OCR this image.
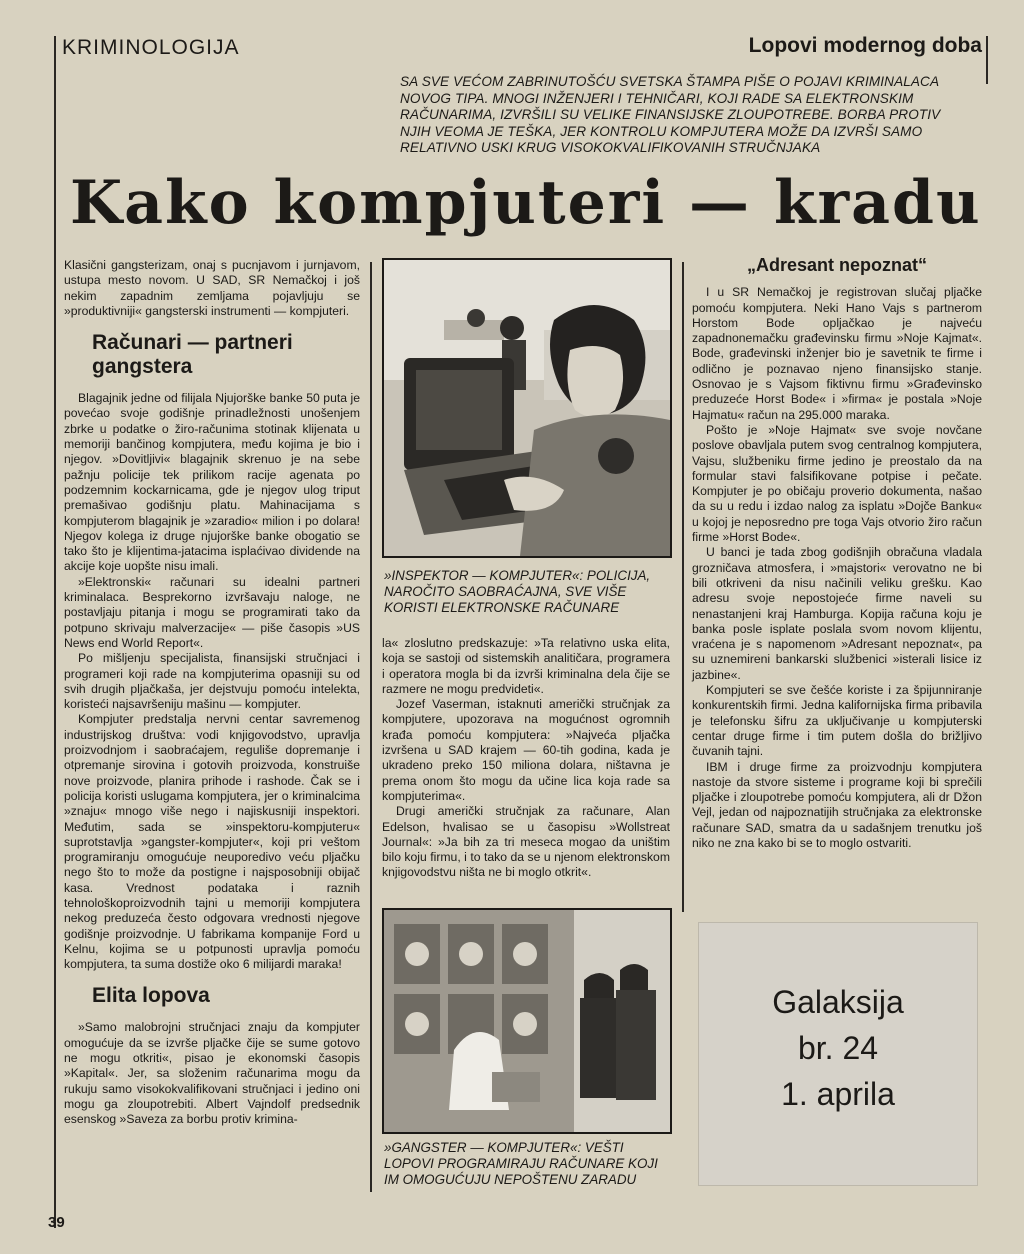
KRIMINOLOGIJA	Lopovi modernog doba
SA SVE VEĆOM ZABRINUTOŠĆU SVETSKA ŠTAMPA PIŠE O POJAVI KRIMINALACA NOVOG TIPA. MNOGI INŽENJERI I TEHNIČARI, KOJI RADE SA ELEKTRONSKIM RAČUNARIMA, IZVRŠILI SU VELIKE FINANSIJSKE ZLOUPOTREBE. BORBA PROTIV NJIH VEOMA JE TEŠKA, JER KONTROLU KOMPJUTERA MOŽE DA IZVRŠI SAMO RELATIVNO USKI KRUG VISOKOKVALIFIKOVANIH STRUČNJAKA
Kako kompjuteri — kradu

Klasični gangsterizam, onaj s pucnjavom i jurnjavom, ustupa mesto novom. U SAD, SR Nemačkoj i još nekim zapadnim zemljama pojavljuju se »produktivniji« gangsterski instrumenti — kompjuteri.

Računari — partneri gangstera

Blagajnik jedne od filijala Njujorške banke 50 puta je povećao svoje godišnje prinadležnosti unošenjem zbrke u podatke o žiro-računima stotinak klijenata u memoriji bančinog kompjutera, među kojima je bio i njegov. »Dovitljivi« blagajnik skrenuo je na sebe pažnju policije tek prilikom racije agenata po podzemnim kockarnicama, gde je njegov ulog triput premašivao godišnju platu. Mahinacijama s kompjuterom blagajnik je »zaradio« milion i po dolara! Njegov kolega iz druge njujorške banke obogatio se tako što je klijentima-jatacima isplaćivao dividende na akcije koje uopšte nisu imali.

»Elektronski« računari su idealni partneri kriminalaca. Besprekorno izvršavaju naloge, ne postavljaju pitanja i mogu se programirati tako da potpuno skrivaju malverzacije« — piše časopis »US News end World Report«.

Po mišljenju specijalista, finansijski stručnjaci i programeri koji rade na kompjuterima opasniji su od svih drugih pljačkaša, jer dejstvuju pomoću intelekta, koristeći najsavršeniju mašinu — kompjuter.

Kompjuter predstalja nervni centar savremenog industrijskog društva: vodi knjigovodstvo, upravlja proizvodnjom i saobraćajem, reguliše dopremanje i otpremanje sirovina i gotovih proizvoda, konstruiše nove proizvode, planira prihode i rashode. Čak se i policija koristi uslugama kompjutera, jer o kriminalcima »znaju« mnogo više nego i najiskusniji inspektori. Međutim, sada se »inspektoru-kompjuteru« suprotstavlja »gangster-kompjuter«, koji pri veštom programiranju omogućuje neuporedivo veću pljačku nego što to može da postigne i najsposobniji obijač kasa. Vrednost podataka i raznih tehnološkoproizvodnih tajni u memoriji kompjutera nekog preduzeća često odgovara vrednosti njegove godišnje proizvodnje. U fabrikama kompanije Ford u Kelnu, kojima se u potpunosti upravlja pomoću kompjutera, ta suma dostiže oko 6 milijardi maraka!

Elita lopova

»Samo malobrojni stručnjaci znaju da kompjuter omogućuje da se izvrše pljačke čije se sume gotovo ne mogu otkriti«, pisao je ekonomski časopis »Kapital«. Jer, sa složenim računarima mogu da rukuju samo visokokvalifikovani stručnjaci i jedino oni mogu ga zloupotrebiti. Albert Vajndolf predsednik esenskog »Saveza za borbu protiv krimina-

»INSPEKTOR — KOMPJUTER«: POLICIJA, NAROČITO SAOBRAĆAJNA, SVE VIŠE KORISTI ELEKTRONSKE RAČUNARE

la« zloslutno predskazuje: »Ta relativno uska elita, koja se sastoji od sistemskih analitičara, programera i operatora mogla bi da izvrši kriminalna dela čije se razmere ne mogu predvideti«.

Jozef Vaserman, istaknuti američki stručnjak za kompjutere, upozorava na mogućnost ogromnih krađa pomoću kompjutera: »Najveća pljačka izvršena u SAD krajem — 60-tih godina, kada je ukradeno preko 150 miliona dolara, ništavna je prema onom što mogu da učine lica koja rade sa kompjuterima«.

Drugi američki stručnjak za računare, Alan Edelson, hvalisao se u časopisu »Wollstreat Journal«: »Ja bih za tri meseca mogao da uništim bilo koju firmu, i to tako da se u njenom elektronskom knjigovodstvu ništa ne bi moglo otkrit«.

»GANGSTER — KOMPJUTER«: VEŠTI LOPOVI PROGRAMIRAJU RAČUNARE KOJI IM OMOGUĆUJU NEPOŠTENU ZARADU
„Adresant nepoznat“

I u SR Nemačkoj je registrovan slučaj pljačke pomoću kompjutera. Neki Hano Vajs s partnerom Horstom Bode opljačkao je najveću zapadnonemačku građevinsku firmu »Noje Kajmat«. Bode, građevinski inženjer bio je savetnik te firme i odlično je poznavao njeno finansijsko stanje. Osnovao je s Vajsom fiktivnu firmu »Građevinsko preduzeće Horst Bode« i »firma« je postala »Noje Hajmatu« račun na 295.000 maraka.

Pošto je »Noje Hajmat« sve svoje novčane poslove obavljala putem svog centralnog kompjutera, Vajsu, službeniku firme jedino je preostalo da na formular stavi falsifikovane potpise i pečate. Kompjuter je po običaju proverio dokumenta, našao da su u redu i izdao nalog za isplatu »Dojče Banku« u kojoj je neposredno pre toga Vajs otvorio žiro račun firme »Horst Bode«.

U banci je tada zbog godišnjih obračuna vladala grozničava atmosfera, i »majstori« verovatno ne bi bili otkriveni da nisu načinili veliku grešku. Kao adresu svoje nepostojeće firme naveli su nenastanjeni kraj Hamburga. Kopija računa koju je banka posle isplate poslala svom novom klijentu, vraćena je s napomenom »Adresant nepoznat«, pa su uznemireni bankarski službenici »isterali lisice iz jazbine«.

Kompjuteri se sve češće koriste i za špijunniranje konkurentskih firmi. Jedna kalifornijska firma pribavila je telefonsku šifru za uključivanje u kompjuterski centar druge firme i tim putem došla do brižljivo čuvanih tajni.

IBM i druge firme za proizvodnju kompjutera nastoje da stvore sisteme i programe koji bi sprečili pljačke i zloupotrebe pomoću kompjutera, ali dr Džon Vejl, jedan od najpoznatijih stručnjaka za elektronske računare SAD, smatra da u sadašnjem trenutku još niko ne zna kako bi se to moglo ostvariti.

Galaksija
br. 24
1. aprila
39
